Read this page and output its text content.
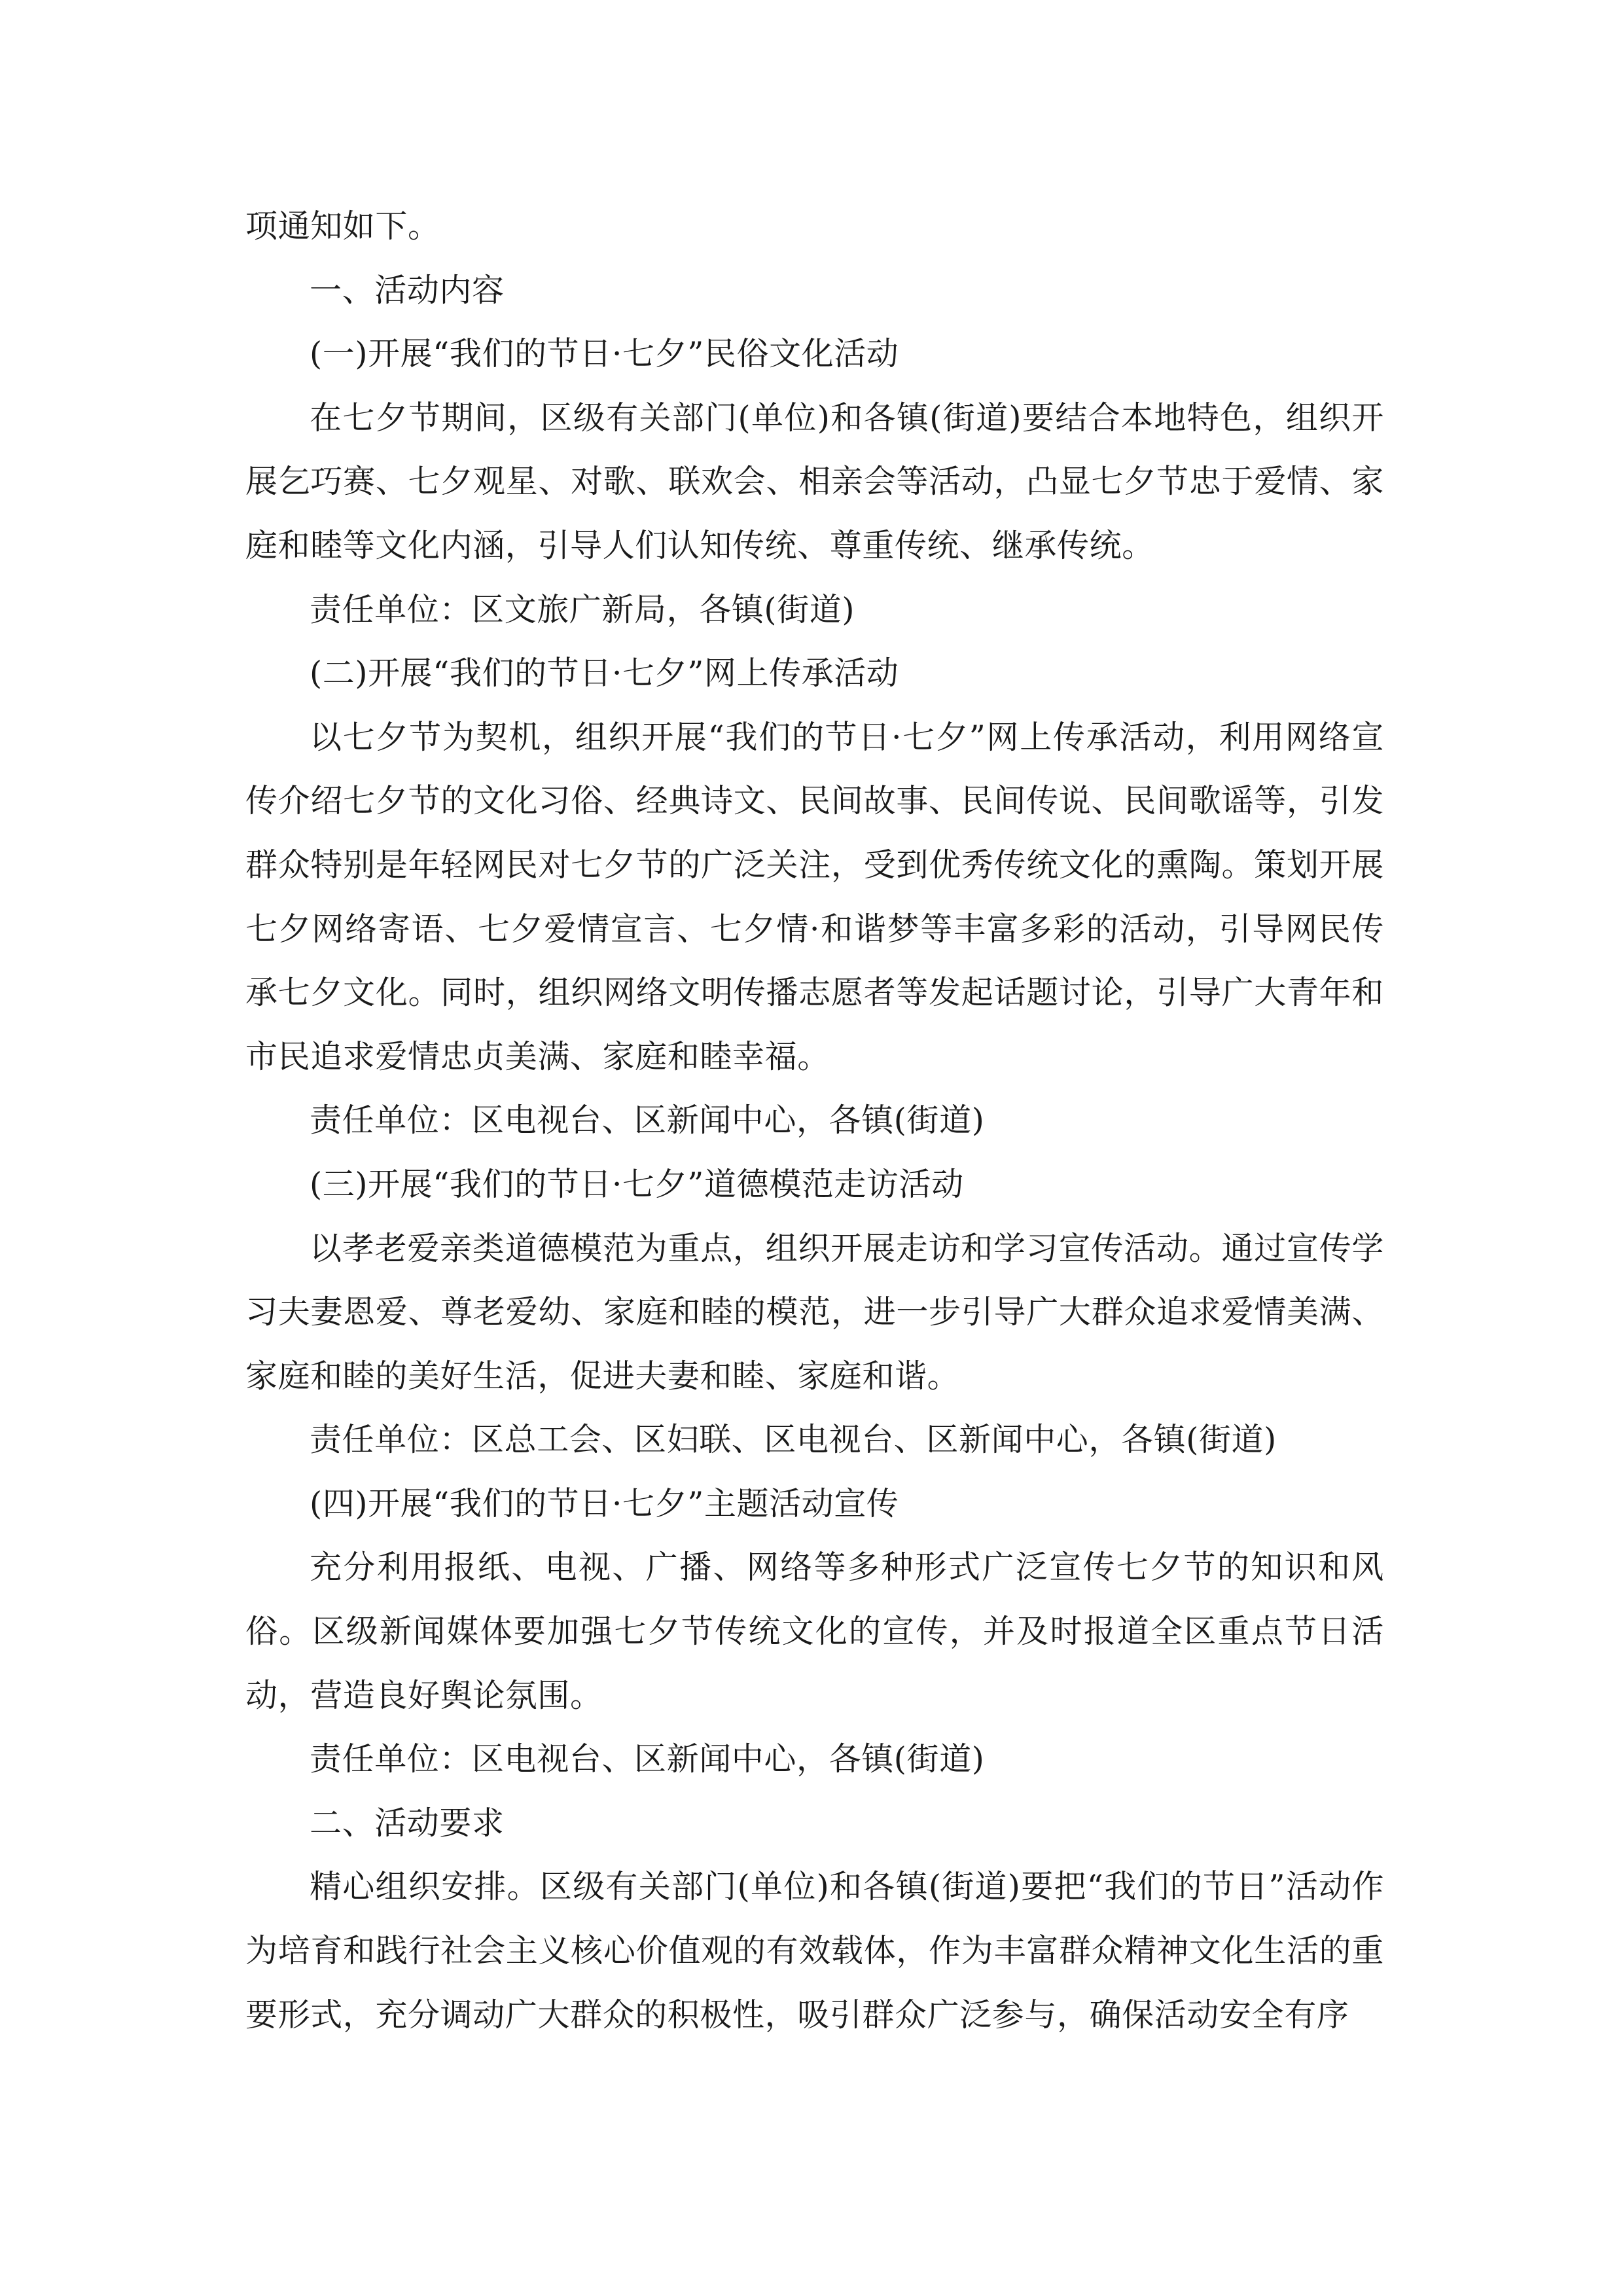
项通知如下。

一、活动内容

(一)开展“我们的节日·七夕”民俗文化活动

在七夕节期间，区级有关部门(单位)和各镇(街道)要结合本地特色，组织开展乞巧赛、七夕观星、对歌、联欢会、相亲会等活动，凸显七夕节忠于爱情、家庭和睦等文化内涵，引导人们认知传统、尊重传统、继承传统。

责任单位：区文旅广新局，各镇(街道)

(二)开展“我们的节日·七夕”网上传承活动

以七夕节为契机，组织开展“我们的节日·七夕”网上传承活动，利用网络宣传介绍七夕节的文化习俗、经典诗文、民间故事、民间传说、民间歌谣等，引发群众特别是年轻网民对七夕节的广泛关注，受到优秀传统文化的熏陶。策划开展七夕网络寄语、七夕爱情宣言、七夕情·和谐梦等丰富多彩的活动，引导网民传承七夕文化。同时，组织网络文明传播志愿者等发起话题讨论，引导广大青年和市民追求爱情忠贞美满、家庭和睦幸福。

责任单位：区电视台、区新闻中心，各镇(街道)

(三)开展“我们的节日·七夕”道德模范走访活动

以孝老爱亲类道德模范为重点，组织开展走访和学习宣传活动。通过宣传学习夫妻恩爱、尊老爱幼、家庭和睦的模范，进一步引导广大群众追求爱情美满、家庭和睦的美好生活，促进夫妻和睦、家庭和谐。

责任单位：区总工会、区妇联、区电视台、区新闻中心，各镇(街道)

(四)开展“我们的节日·七夕”主题活动宣传

充分利用报纸、电视、广播、网络等多种形式广泛宣传七夕节的知识和风俗。区级新闻媒体要加强七夕节传统文化的宣传，并及时报道全区重点节日活动，营造良好舆论氛围。

责任单位：区电视台、区新闻中心，各镇(街道)

二、活动要求

精心组织安排。区级有关部门(单位)和各镇(街道)要把“我们的节日”活动作为培育和践行社会主义核心价值观的有效载体，作为丰富群众精神文化生活的重要形式，充分调动广大群众的积极性，吸引群众广泛参与，确保活动安全有序
